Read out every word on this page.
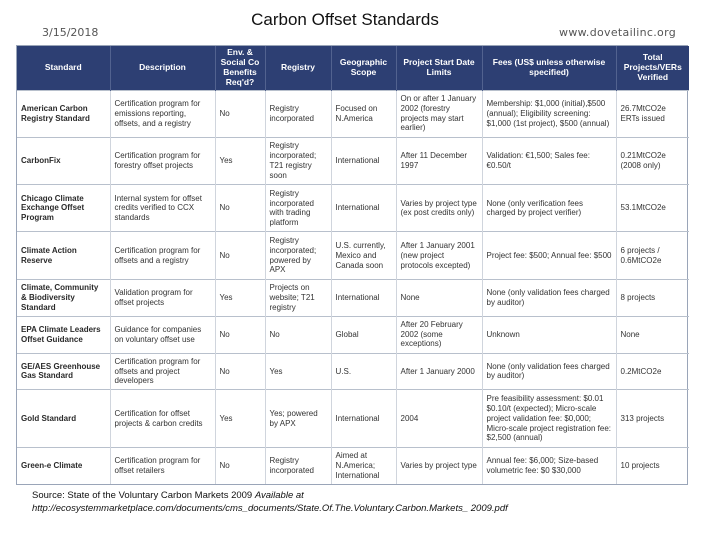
3/15/2018
Carbon Offset Standards
www.dovetailinc.org
Standard	Description	Env. & Social Co Benefits Req'd?	Registry	Geographic Scope	Project Start Date Limits	Fees (US$ unless otherwise specified)	Total Projects/VERs Verified
American Carbon Registry Standard	Certification program for emissions reporting, offsets, and a registry	No	Registry incorporated	Focused on N.America	On or after 1 January 2002 (forestry projects may start earlier)	Membership: $1,000 (initial),$500 (annual); Eligibility screening: $1,000 (1st project), $500 (annual)	26.7MtCO2e ERTs issued
CarbonFix	Certification program for forestry offset projects	Yes	Registry incorporated; T21 registry soon	International	After 11 December 1997	Validation: €1,500; Sales fee: €0.50/t	0.21MtCO2e (2008 only)
Chicago Climate Exchange Offset Program	Internal system for offset credits verified to CCX standards	No	Registry incorporated with trading platform	International	Varies by project type (ex post credits only)	None (only verification fees charged by project verifier)	53.1MtCO2e
Climate Action Reserve	Certification program for offsets and a registry	No	Registry incorporated; powered by APX	U.S. currently, Mexico and Canada soon	After 1 January 2001 (new project protocols excepted)	Project fee: $500; Annual fee: $500	6 projects / 0.6MtCO2e
Climate, Community & Biodiversity Standard	Validation program for offset projects	Yes	Projects on website; T21 registry	International	None	None (only validation fees charged by auditor)	8 projects
EPA Climate Leaders Offset Guidance	Guidance for companies on voluntary offset use	No	No	Global	After 20 February 2002 (some exceptions)	Unknown	None
GE/AES Greenhouse Gas Standard	Certification program for offsets and project developers	No	Yes	U.S.	After 1 January 2000	None (only validation fees charged by auditor)	0.2MtCO2e
Gold Standard	Certification for offset projects & carbon credits	Yes	Yes; powered by APX	International	2004	Pre feasibility assessment: $0.01 $0.10/t (expected); Micro-scale project validation fee: $0,000; Micro-scale project registration fee: $2,500 (annual)	313 projects
Green-e Climate	Certification program for offset retailers	No	Registry incorporated	Aimed at N.America; International	Varies by project type	Annual fee: $6,000; Size-based volumetric fee: $0 $30,000	10 projects
Source: State of the Voluntary Carbon Markets 2009 Available at
http://ecosystemmarketplace.com/documents/cms_documents/State.Of.The.Voluntary.Carbon.Markets_ 2009.pdf
